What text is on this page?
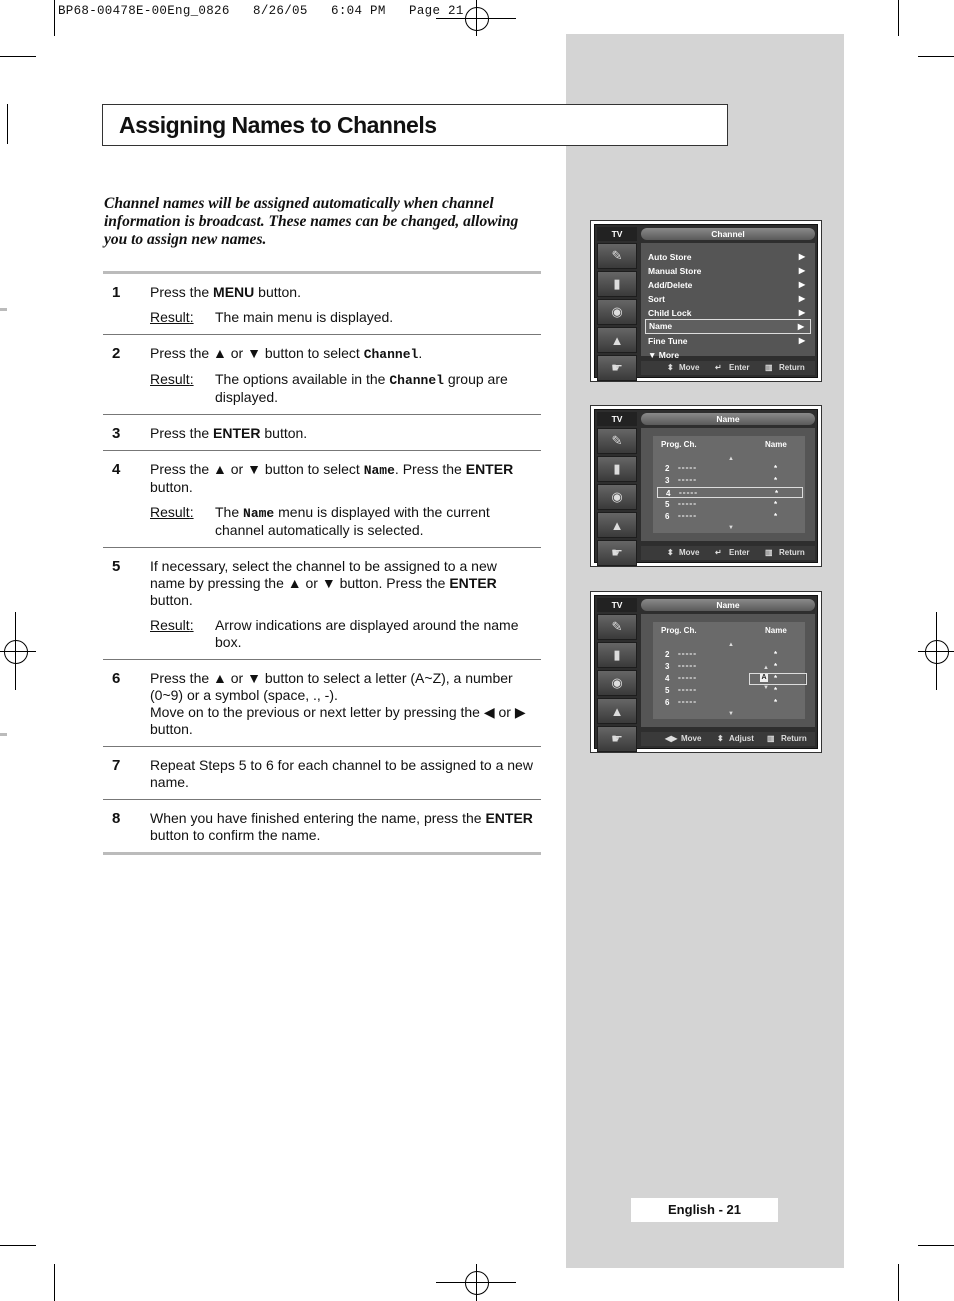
BP68-00478E-00Eng_0826   8/26/05   6:04 PM   Page 21
Assigning Names to Channels
Channel names will be assigned automatically when channel information is broadcast. These names can be changed, allowing you to assign new names.
1 Press the MENU button.
Result:	The main menu is displayed.
2 Press the ▲ or ▼ button to select Channel.
Result:	The options available in the Channel group are displayed.
3 Press the ENTER button.
4 Press the ▲ or ▼ button to select Name. Press the ENTER button.
Result:	The Name menu is displayed with the current channel automatically is selected.
5 If necessary, select the channel to be assigned to a new name by pressing the ▲ or ▼ button. Press the ENTER button.
Result:	Arrow indications are displayed around the name box.
6 Press the ▲ or ▼ button to select a letter (A~Z), a number (0~9) or a symbol (space, ., -).
Move on to the previous or next letter by pressing the ◀ or ▶ button.
7 Repeat Steps 5 to 6 for each channel to be assigned to a new name.
8 When you have finished entering the name, press the ENTER button to confirm the name.
TV
✎
▮
◉
▲
☛
Channel
Auto Store	▶
Manual Store	▶
Add/Delete	▶
Sort	▶
Child Lock	▶
Name	▶
Fine Tune	▶
▼ More
⬍ Move ↵ Enter ▥ Return
TV
✎
▮
◉
▲
☛
Name
Prog. Ch.	Name
▲
2 -----	*
3 -----	*
4 -----	*
5 -----	*
6 -----	*
▼
⬍ Move ↵ Enter ▥ Return
TV
✎
▮
◉
▲
☛
Name
Prog. Ch.	Name
▲
2 -----	*
3 -----	*
▲
4 -----	*
A
▼
5 -----	*
6 -----	*
▼
◀▶ Move ⬍ Adjust ▥ Return
English - 21
